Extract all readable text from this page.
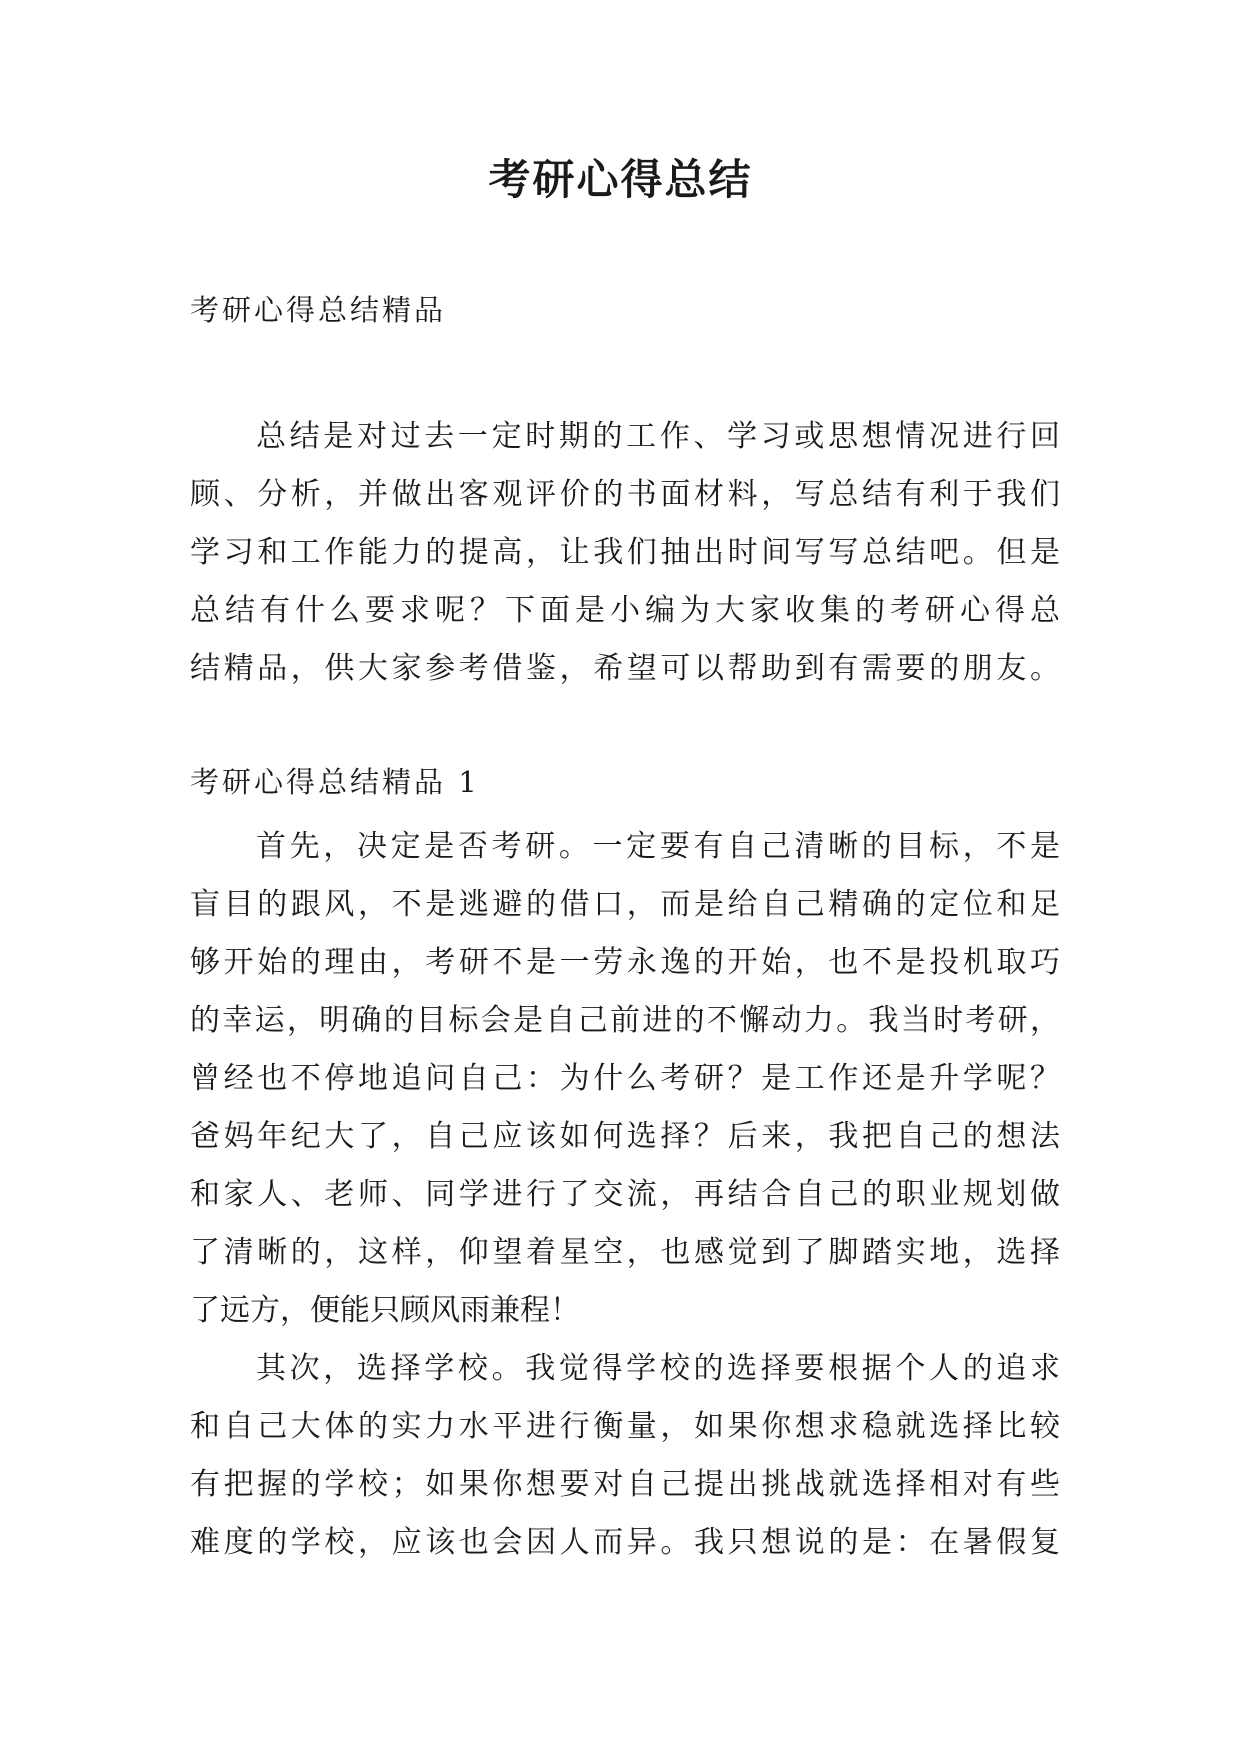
考研心得总结
考研心得总结精品
总结是对过去一定时期的工作、学习或思想情况进行回
顾、分析，并做出客观评价的书面材料，写总结有利于我们
学习和工作能力的提高，让我们抽出时间写写总结吧。但是
总结有什么要求呢？下面是小编为大家收集的考研心得总
结精品，供大家参考借鉴，希望可以帮助到有需要的朋友。
考研心得总结精品 1
首先，决定是否考研。一定要有自己清晰的目标，不是
盲目的跟风，不是逃避的借口，而是给自己精确的定位和足
够开始的理由，考研不是一劳永逸的开始，也不是投机取巧
的幸运，明确的目标会是自己前进的不懈动力。我当时考研，
曾经也不停地追问自己：为什么考研？是工作还是升学呢？
爸妈年纪大了，自己应该如何选择？后来，我把自己的想法
和家人、老师、同学进行了交流，再结合自己的职业规划做
了清晰的，这样，仰望着星空，也感觉到了脚踏实地，选择
了远方，便能只顾风雨兼程！
其次，选择学校。我觉得学校的选择要根据个人的追求
和自己大体的实力水平进行衡量，如果你想求稳就选择比较
有把握的学校；如果你想要对自己提出挑战就选择相对有些
难度的学校，应该也会因人而异。我只想说的是：在暑假复
